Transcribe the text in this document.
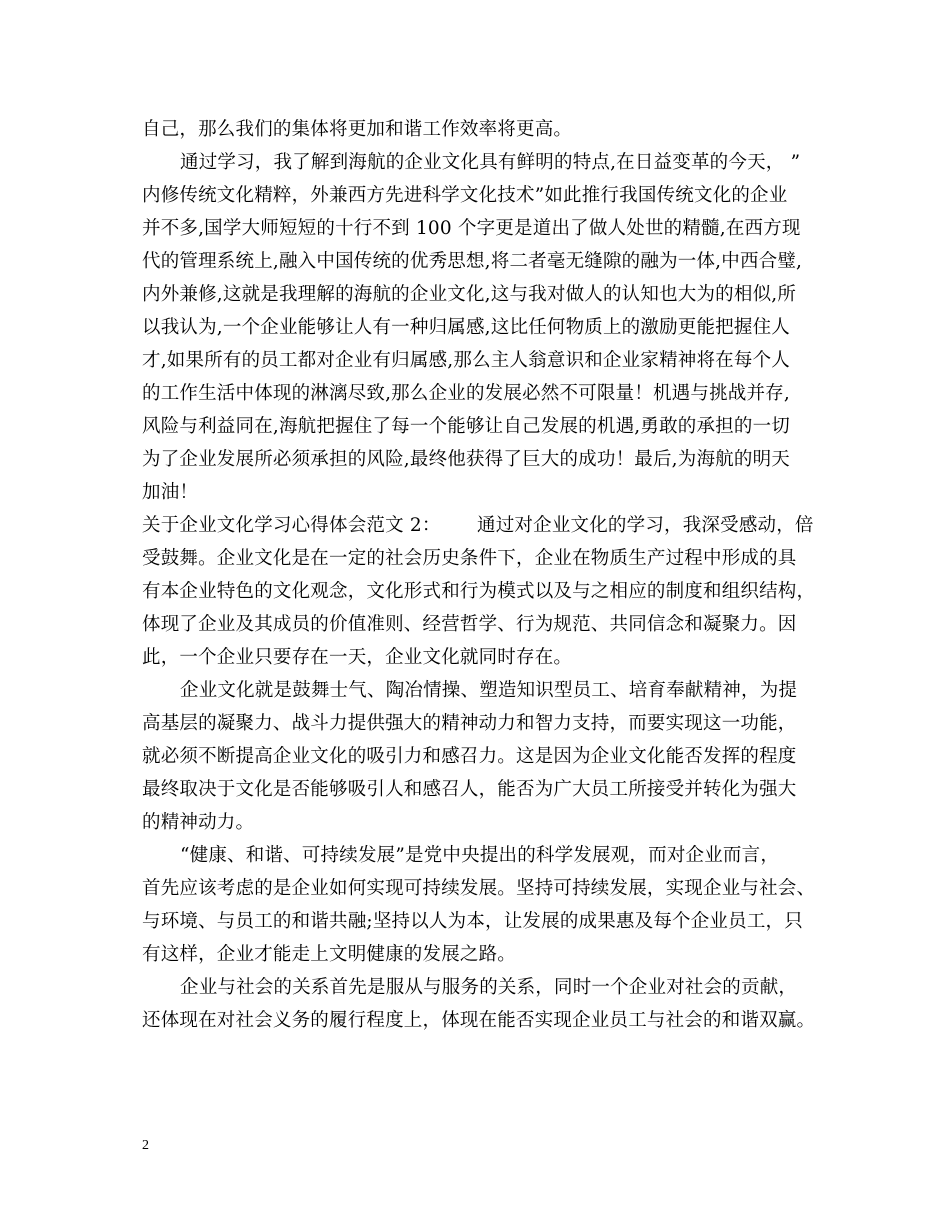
自己，那么我们的集体将更加和谐工作效率将更高。
通过学习，我了解到海航的企业文化具有鲜明的特点,在日益变革的今天， ”
内修传统文化精粹，外兼西方先进科学文化技术”如此推行我国传统文化的企业
并不多,国学大师短短的十行不到 100 个字更是道出了做人处世的精髓,在西方现
代的管理系统上,融入中国传统的优秀思想,将二者毫无缝隙的融为一体,中西合璧,
内外兼修,这就是我理解的海航的企业文化,这与我对做人的认知也大为的相似,所
以我认为,一个企业能够让人有一种归属感,这比任何物质上的激励更能把握住人
才,如果所有的员工都对企业有归属感,那么主人翁意识和企业家精神将在每个人
的工作生活中体现的淋漓尽致,那么企业的发展必然不可限量！机遇与挑战并存,
风险与利益同在,海航把握住了每一个能够让自己发展的机遇,勇敢的承担的一切
为了企业发展所必须承担的风险,最终他获得了巨大的成功！最后,为海航的明天
加油！
关于企业文化学习心得体会范文 2：      通过对企业文化的学习，我深受感动，倍
受鼓舞。企业文化是在一定的社会历史条件下，企业在物质生产过程中形成的具
有本企业特色的文化观念，文化形式和行为模式以及与之相应的制度和组织结构，
体现了企业及其成员的价值准则、经营哲学、行为规范、共同信念和凝聚力。因
此，一个企业只要存在一天，企业文化就同时存在。
企业文化就是鼓舞士气、陶冶情操、塑造知识型员工、培育奉献精神，为提
高基层的凝聚力、战斗力提供强大的精神动力和智力支持，而要实现这一功能，
就必须不断提高企业文化的吸引力和感召力。这是因为企业文化能否发挥的程度
最终取决于文化是否能够吸引人和感召人，能否为广大员工所接受并转化为强大
的精神动力。
“健康、和谐、可持续发展”是党中央提出的科学发展观，而对企业而言，
首先应该考虑的是企业如何实现可持续发展。坚持可持续发展，实现企业与社会、
与环境、与员工的和谐共融;坚持以人为本，让发展的成果惠及每个企业员工，只
有这样，企业才能走上文明健康的发展之路。
企业与社会的关系首先是服从与服务的关系，同时一个企业对社会的贡献，
还体现在对社会义务的履行程度上，体现在能否实现企业员工与社会的和谐双赢。
2
